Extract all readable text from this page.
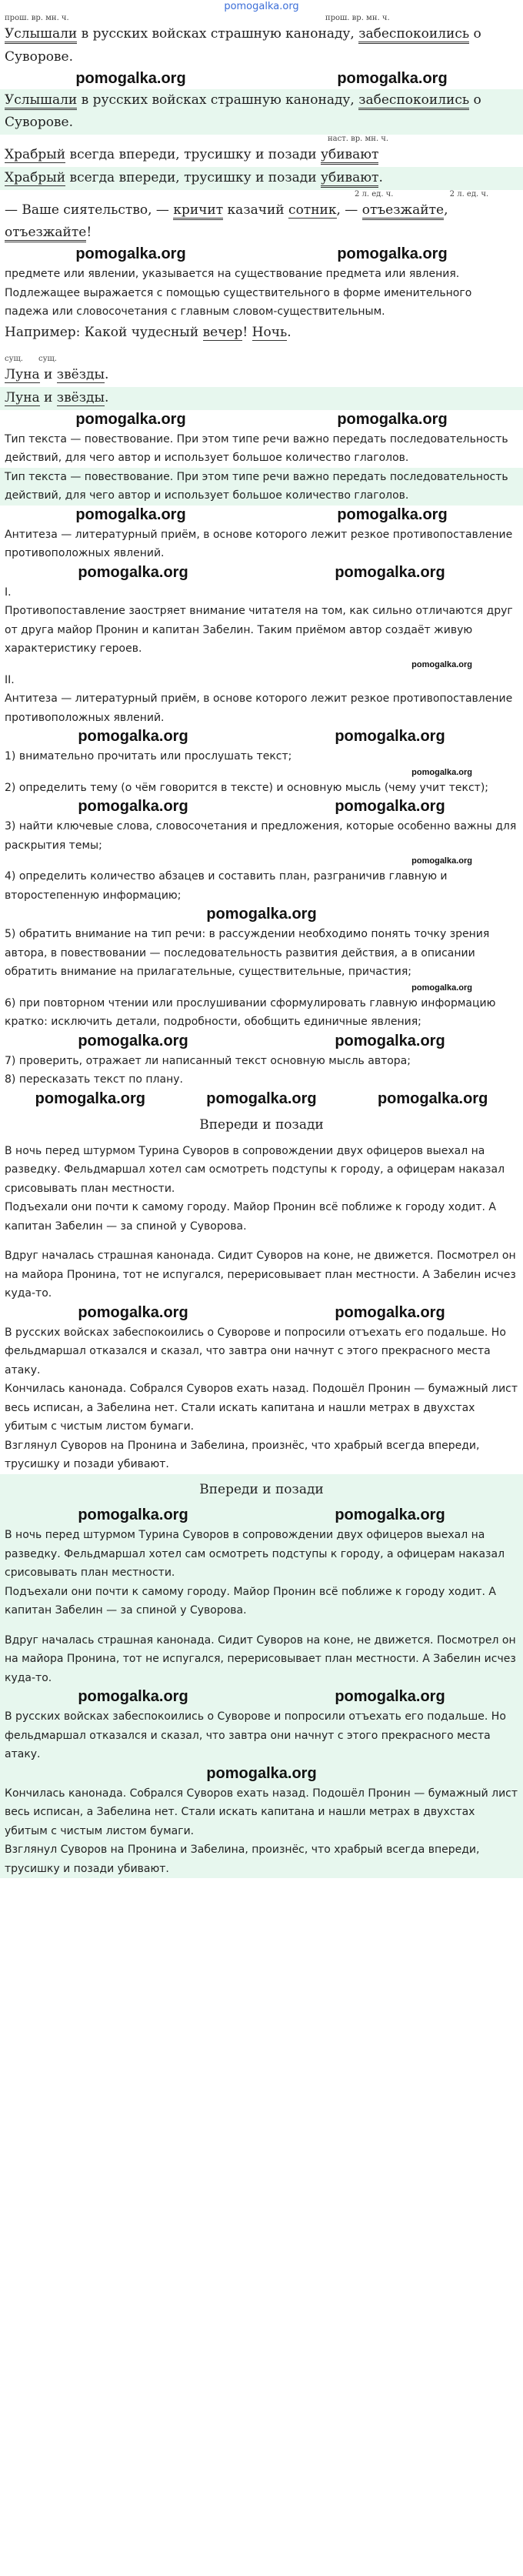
pomogalka.org
прош. вр. мн. ч.	прош. вр. мн. ч.

Услышали в русских войсках страшную канонаду, забеспокоились о Суворове.

pomogalka.org	pomogalka.org

Услышали в русских войсках страшную канонаду, забеспокоились о Суворове.

наст. вр. мн. ч.

Храбрый всегда впереди, трусишку и позади убивают

Храбрый всегда впереди, трусишку и позади убивают.

2 л. ед. ч.	2 л. ед. ч.

— Ваше сиятельство, — кричит казачий сотник, — отъезжайте, отъезжайте!

pomogalka.org	pomogalka.org

предмете или явлении, указывается на существование предмета или явления. Подлежащее выражается с помощью существительного в форме именительного падежа или словосочетания с главным словом-существительным.

Например: Какой чудесный вечер! Ночь.

сущ. сущ.

Луна и звёзды.

Луна и звёзды.

pomogalka.org	pomogalka.org

Тип текста — повествование. При этом типе речи важно передать последовательность действий, для чего автор и использует большое количество глаголов.

Тип текста — повествование. При этом типе речи важно передать последовательность действий, для чего автор и использует большое количество глаголов.

pomogalka.org	pomogalka.org

Антитеза — литературный приём, в основе которого лежит резкое противопоставление противоположных явлений.

pomogalka.org	pomogalka.org

I.

Противопоставление заостряет внимание читателя на том, как сильно отличаются друг от друга майор Пронин и капитан Забелин. Таким приёмом автор создаёт живую характеристику героев.

pomogalka.org

II.

Антитеза — литературный приём, в основе которого лежит резкое противопоставление противоположных явлений.

pomogalka.org	pomogalka.org

1) внимательно прочитать или прослушать текст;

pomogalka.org

2) определить тему (о чём говорится в тексте) и основную мысль (чему учит текст);

pomogalka.org	pomogalka.org

3) найти ключевые слова, словосочетания и предложения, которые особенно важны для раскрытия темы;

pomogalka.org

4) определить количество абзацев и составить план, разграничив главную и второстепенную информацию;

pomogalka.org

5) обратить внимание на тип речи: в рассуждении необходимо понять точку зрения автора, в повествовании — последовательность развития действия, а в описании обратить внимание на прилагательные, существительные, причастия;

pomogalka.org

6) при повторном чтении или прослушивании сформулировать главную информацию кратко: исключить детали, подробности, обобщить единичные явления;

pomogalka.org	pomogalka.org

7) проверить, отражает ли написанный текст основную мысль автора;

8) пересказать текст по плану.

pomogalka.org	pomogalka.org	pomogalka.org
Впереди и позади

В ночь перед штурмом Турина Суворов в сопровождении двух офицеров выехал на разведку. Фельдмаршал хотел сам осмотреть подступы к городу, а офицерам наказал срисовывать план местности.

Подъехали они почти к самому городу. Майор Пронин всё поближе к городу ходит. А капитан Забелин — за спиной у Суворова.

Вдруг началась страшная канонада. Сидит Суворов на коне, не движется. Посмотрел он на майора Пронина, тот не испугался, перерисовывает план местности. А Забелин исчез куда-то.

pomogalka.org	pomogalka.org

В русских войсках забеспокоились о Суворове и попросили отъехать его подальше. Но фельдмаршал отказался и сказал, что завтра они начнут с этого прекрасного места атаку.

Кончилась канонада. Собрался Суворов ехать назад. Подошёл Пронин — бумажный лист весь исписан, а Забелина нет. Стали искать капитана и нашли метрах в двухстах убитым с чистым листом бумаги.

Взглянул Суворов на Пронина и Забелина, произнёс, что храбрый всегда впереди, трусишку и позади убивают.

Впереди и позади
pomogalka.org	pomogalka.org

В ночь перед штурмом Турина Суворов в сопровождении двух офицеров выехал на разведку. Фельдмаршал хотел сам осмотреть подступы к городу, а офицерам наказал срисовывать план местности.

Подъехали они почти к самому городу. Майор Пронин всё поближе к городу ходит. А капитан Забелин — за спиной у Суворова.

Вдруг началась страшная канонада. Сидит Суворов на коне, не движется. Посмотрел он на майора Пронина, тот не испугался, перерисовывает план местности. А Забелин исчез куда-то.

pomogalka.org	pomogalka.org

В русских войсках забеспокоились о Суворове и попросили отъехать его подальше. Но фельдмаршал отказался и сказал, что завтра они начнут с этого прекрасного места атаку.

pomogalka.org

Кончилась канонада. Собрался Суворов ехать назад. Подошёл Пронин — бумажный лист весь исписан, а Забелина нет. Стали искать капитана и нашли метрах в двухстах убитым с чистым листом бумаги.

Взглянул Суворов на Пронина и Забелина, произнёс, что храбрый всегда впереди, трусишку и позади убивают.
